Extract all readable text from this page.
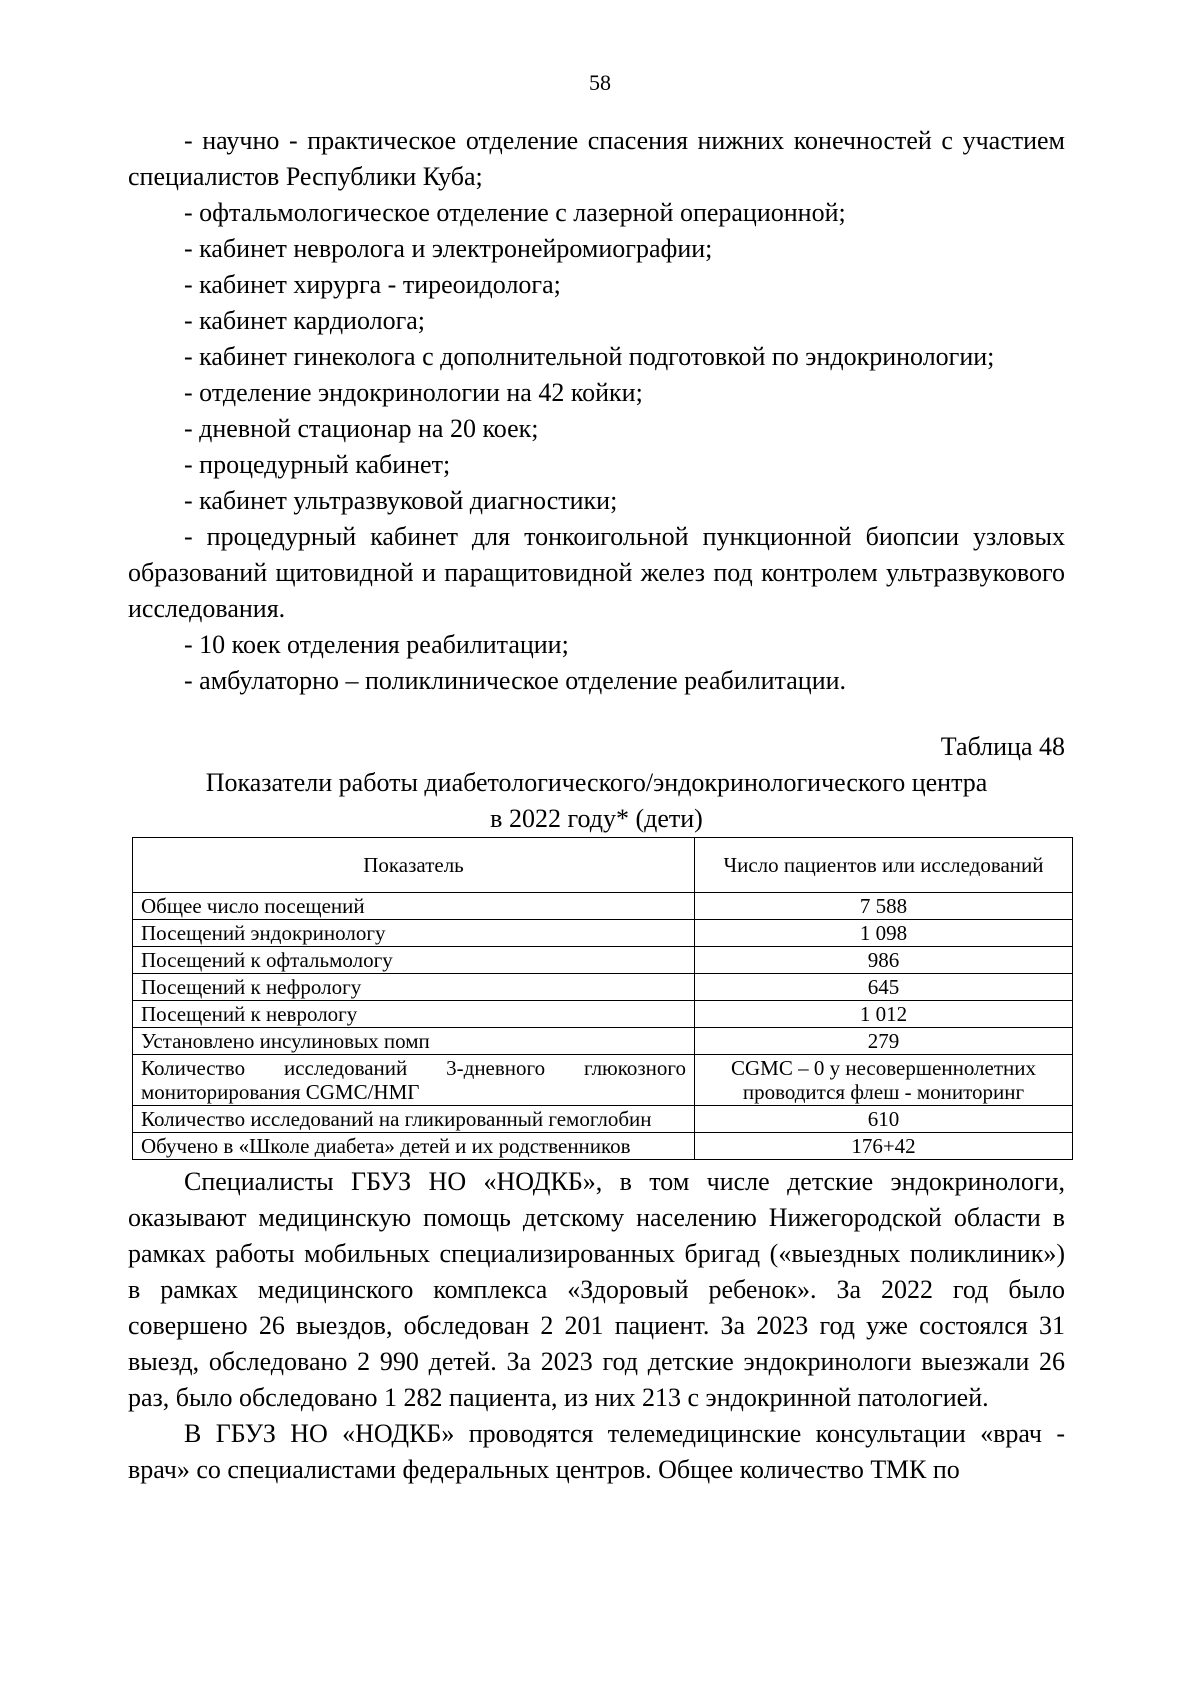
58

- научно - практическое отделение спасения нижних конечностей с участием специалистов Республики Куба;

- офтальмологическое отделение с лазерной операционной;

- кабинет невролога и электронейромиографии;

- кабинет хирурга - тиреоидолога;

- кабинет кардиолога;

- кабинет гинеколога с дополнительной подготовкой по эндокринологии;

- отделение эндокринологии на 42 койки;

- дневной стационар на 20 коек;

- процедурный кабинет;

- кабинет ультразвуковой диагностики;

- процедурный кабинет для тонкоигольной пункционной биопсии узловых образований щитовидной и паращитовидной желез под контролем ультразвукового исследования.

- 10 коек отделения реабилитации;

- амбулаторно – поликлиническое отделение реабилитации.

Таблица 48

Показатели работы диабетологического/эндокринологического центра

в 2022 году* (дети)

Показатель	Число пациентов или исследований
Общее число посещений	7 588
Посещений эндокринологу	1 098
Посещений к офтальмологу	986
Посещений к нефрологу	645
Посещений к неврологу	1 012
Установлено инсулиновых помп	279
Количество исследований 3-дневного глюкозного мониторирования CGMC/НМГ	CGMC – 0 у несовершеннолетних проводится флеш - мониторинг
Количество исследований на гликированный гемоглобин	610
Обучено в «Школе диабета» детей и их родственников	176+42

Специалисты ГБУЗ НО «НОДКБ», в том числе детские эндокринологи, оказывают медицинскую помощь детскому населению Нижегородской области в рамках работы мобильных специализированных бригад («выездных поликлиник») в рамках медицинского комплекса «Здоровый ребенок». За 2022 год было совершено 26 выездов, обследован 2 201 пациент. За 2023 год уже состоялся 31 выезд, обследовано 2 990 детей. За 2023 год детские эндокринологи выезжали 26 раз, было обследовано 1 282 пациента, из них 213 с эндокринной патологией.

В ГБУЗ НО «НОДКБ» проводятся телемедицинские консультации «врач - врач» со специалистами федеральных центров. Общее количество ТМК по
